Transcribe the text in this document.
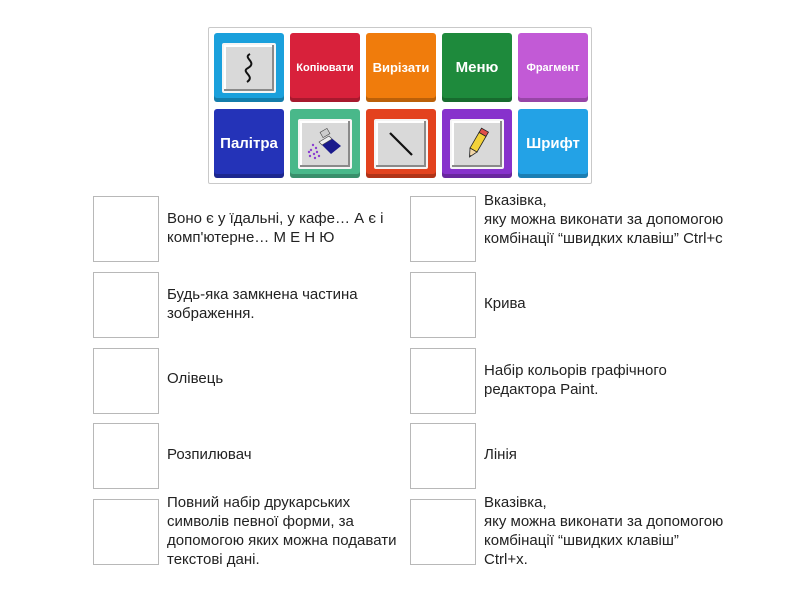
Копіювати Вирізати Меню	Фрагмент
Палітра	Шрифт
Воно є у їдальні, у кафе… А є і комп'ютерне… М Е Н Ю
Будь-яка замкнена частина зображення.
Олівець
Розпилювач
Повний набір друкарських символів певної форми, за допомогою яких можна подавати текстові дані.
Вказівка,
яку можна виконати за допомогою комбінації “швидких клавіш” Ctrl+c
Крива
Набір кольорів графічного редактора Paint.
Лінія
Вказівка,
яку можна виконати за допомогою комбінації “швидких клавіш” Ctrl+x.
